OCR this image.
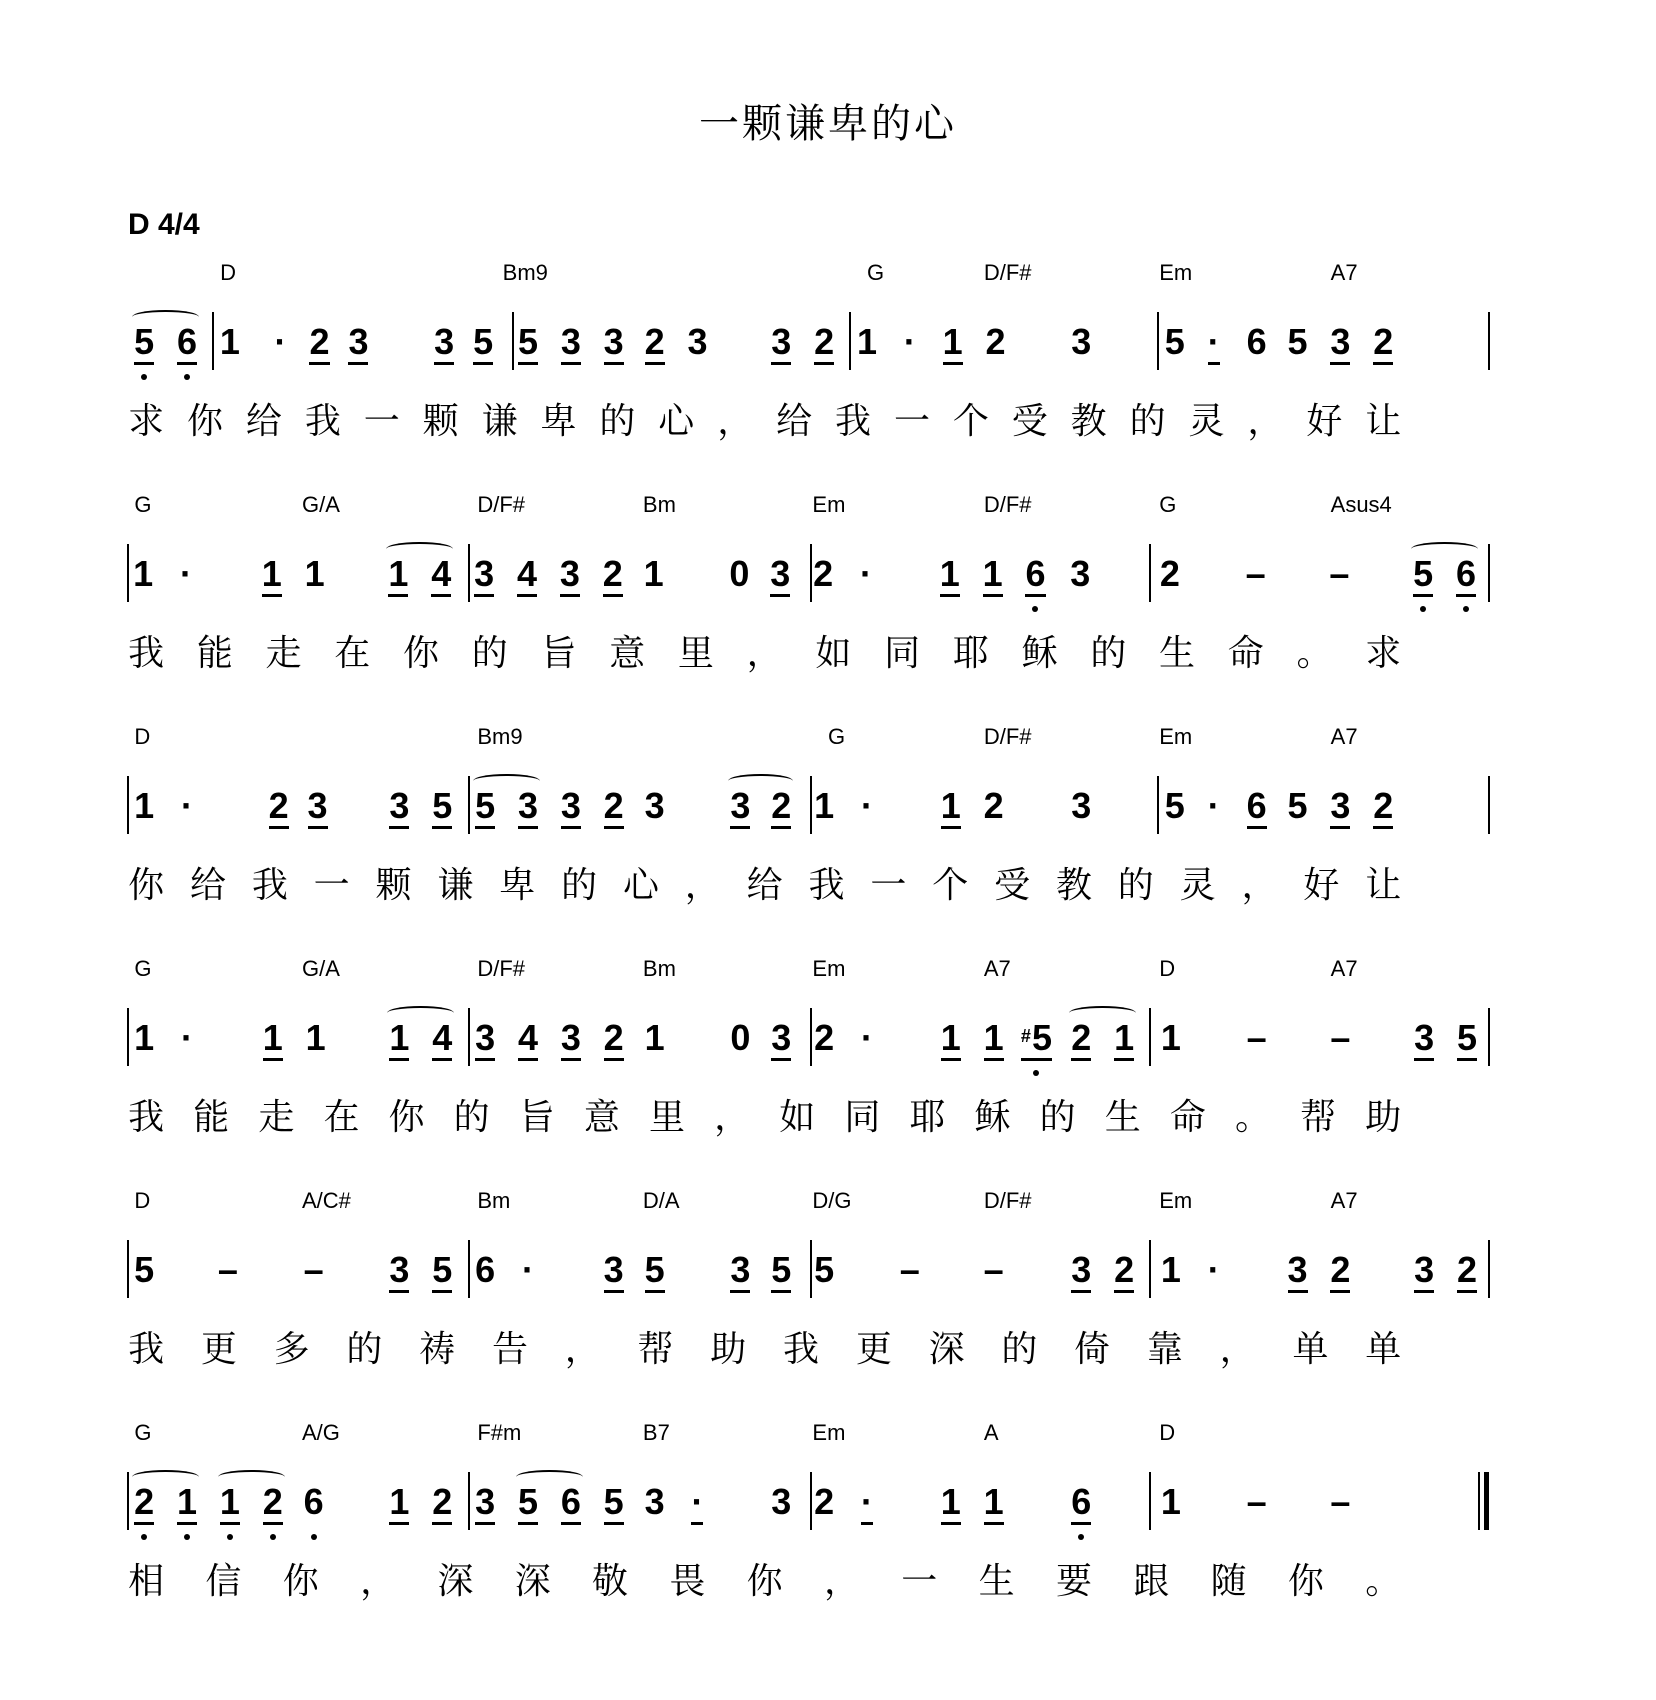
一颗谦卑的心
D 4/4
D	Bm9	G	D/F#	Em	A7
5 6 1 · 2 3 3 5 5 3 3 2 3 3 2 1 · 1 2 3 5 · 6 5 3 2
求 你 给 我 一 颗 谦 卑 的 心 ， 给 我 一 个 受 教 的 灵 ， 好 让
G	G/A	D/F#	Bm	Em	D/F#	G	Asus4
1 ·	1 1 1 4 3 4 3 2 1 0 3 2 ·	1 1 6 3 2 – – 5 6
我 能 走 在 你 的 旨 意 里 ， 如 同 耶 稣 的 生 命 。 求
D	Bm9	G	D/F#	Em	A7
1 ·	2 3 3 5 5 3 3 2 3 3 2 1 ·	1 2 3 5 · 6 5 3 2
你 给 我 一 颗 谦 卑 的 心 ， 给 我 一 个 受 教 的 灵 ， 好 让
G	G/A	D/F#	Bm	Em	A7	D	A7
1 ·	1 1 1 4 3 4 3 2 1 0 3 2 ·	1 1
# 5 2 1 1 – – 3 5
我 能 走 在 你 的 旨 意 里 ， 如 同 耶 稣 的 生 命 。 帮 助
D	A/C#	Bm	D/A	D/G	D/F#	Em	A7
5 – – 3 5 6 ·	3 5 3 5 5 – – 3 2 1 ·	3 2 3 2
我 更 多 的 祷 告 ， 帮 助 我 更 深 的 倚 靠 ， 单 单
G	A/G	F#m	B7	Em	A	D
2 1 1 2 6 1 2 3 5 6 5 3 ·	3 2 ·	1 1 6 1 – –
相 信 你 ， 深 深 敬 畏 你 ， 一 生 要 跟 随 你 。
